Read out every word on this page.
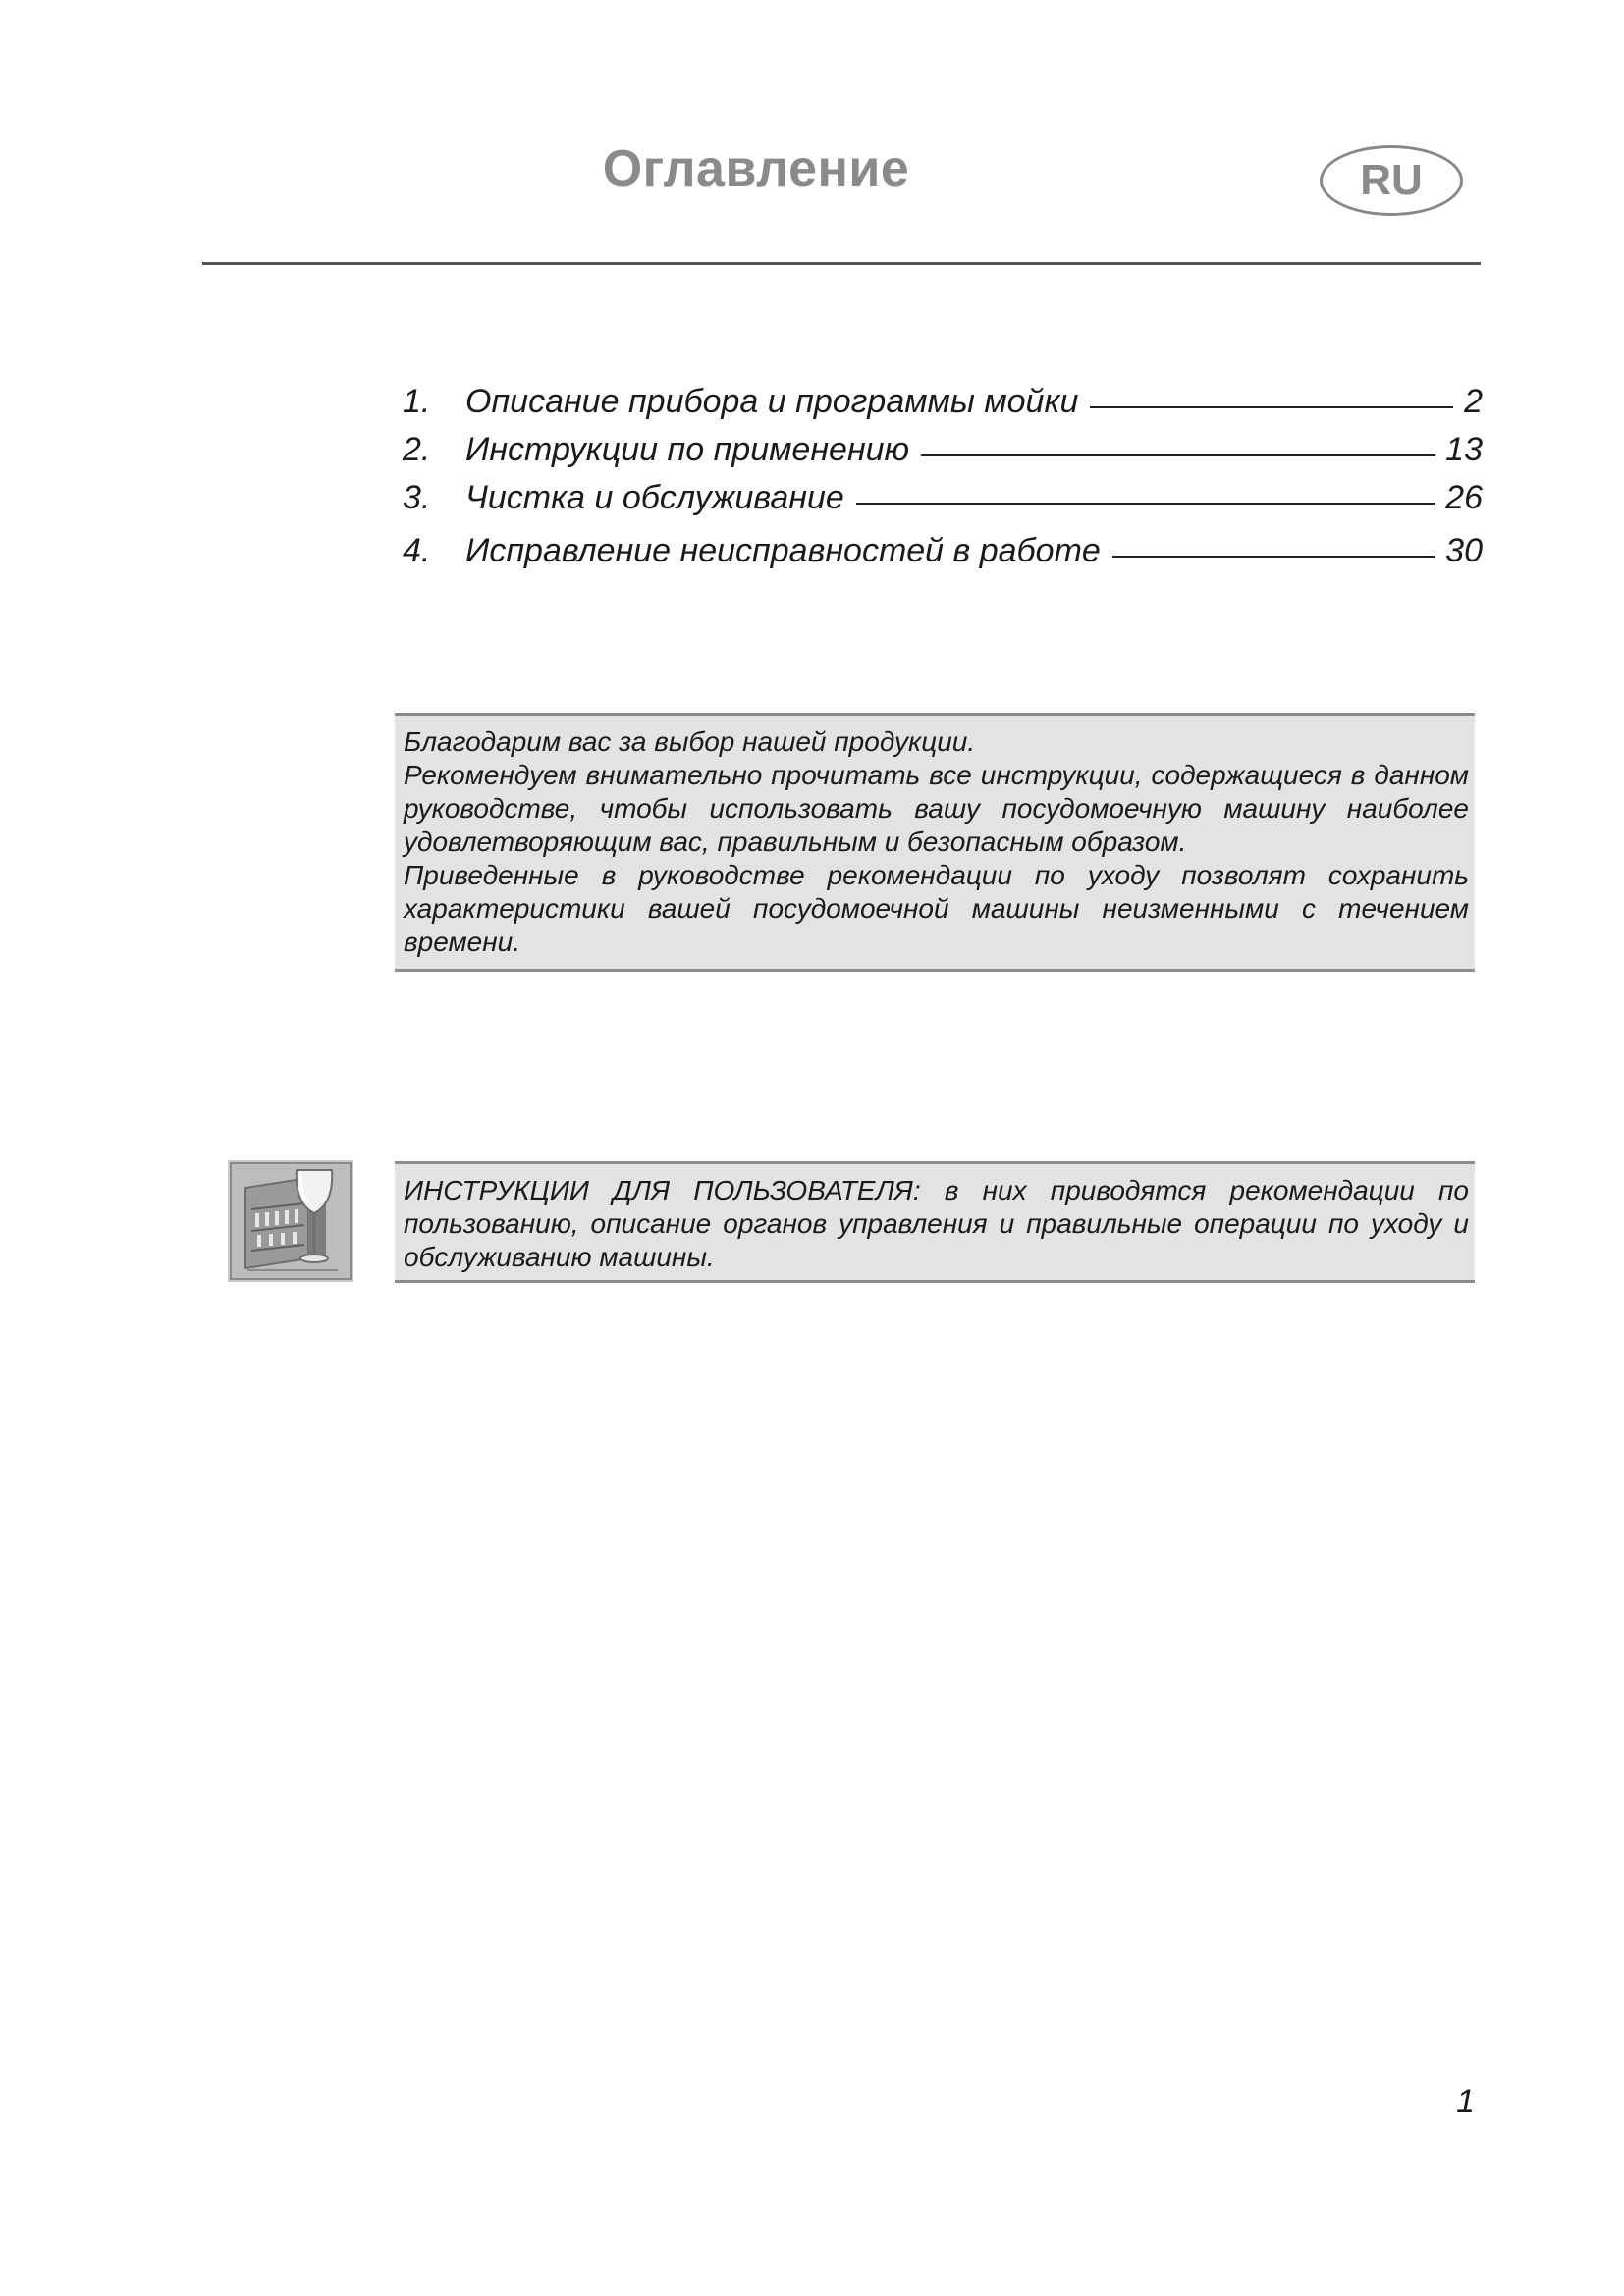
Оглавление	RU
1.	Описание прибора и программы мойки	2
2.	Инструкции по применению	13
3.	Чистка и обслуживание	26
4.	Исправление неисправностей в работе	30

Благодарим вас за выбор нашей продукции.

Рекомендуем внимательно прочитать все инструкции, содержащиеся в данном руководстве, чтобы использовать вашу посудомоечную машину наиболее удовлетворяющим вас, правильным и безопасным образом.

Приведенные в руководстве рекомендации по уходу позволят сохранить характеристики вашей посудомоечной машины неизменными с течением времени.

ИНСТРУКЦИИ ДЛЯ ПОЛЬЗОВАТЕЛЯ: в них приводятся рекомендации по пользованию, описание органов управления и правильные операции по уходу и обслуживанию машины.

1
